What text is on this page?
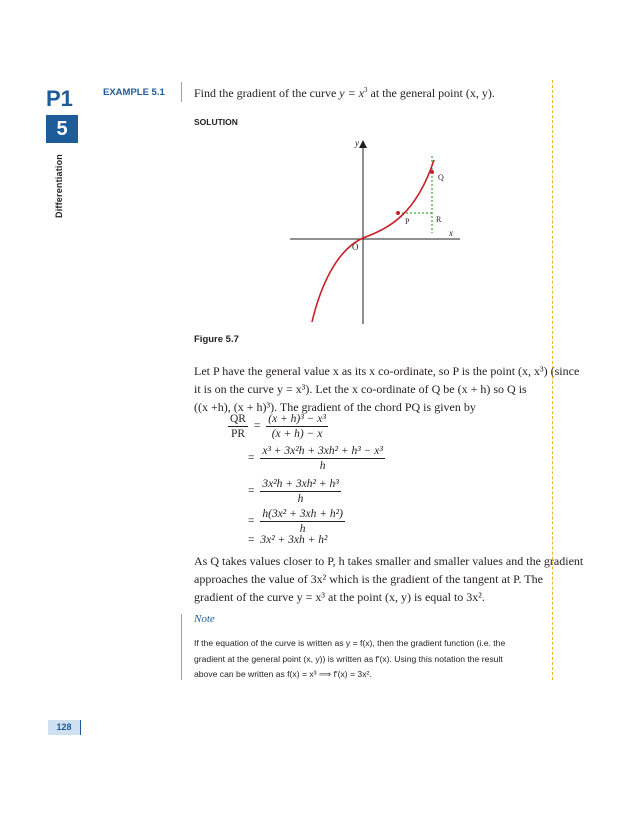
P1
5
Differentiation
EXAMPLE 5.1 Find the gradient of the curve $y = x^3$ at the general point (x, y).
SOLUTION
y
x
O
P
Q
R
Figure 5.7
Let P have the general value x as its x co-ordinate, so P is the point (x, x³) (since
it is on the curve y = x³). Let the x co-ordinate of Q be (x + h) so Q is
((x +h), (x + h)³). The gradient of the chord PQ is given by
$\frac{QR}{PR} = \frac{\text{(x + h)³ − x³}}{(x + h) - x}$
= $\frac{\text{x³ + 3x²h + 3xh² + h³ − x³}}{h}$
= $\frac{\text{3x²h + 3xh² + h³}}{h}$
= $\frac{\text{h(3x² + 3xh + h²)}}{h}$
= 3x² + 3xh + h²
As Q takes values closer to P, h takes smaller and smaller values and the gradient
approaches the value of 3x² which is the gradient of the tangent at P. The
gradient of the curve y = x³ at the point (x, y) is equal to 3x².
Note
If the equation of the curve is written as y = f(x), then the gradient function (i.e. the
gradient at the general point (x, y)) is written as f′(x). Using this notation the result
above can be written as f(x) = x³ ⟹ f′(x) = 3x².
128
